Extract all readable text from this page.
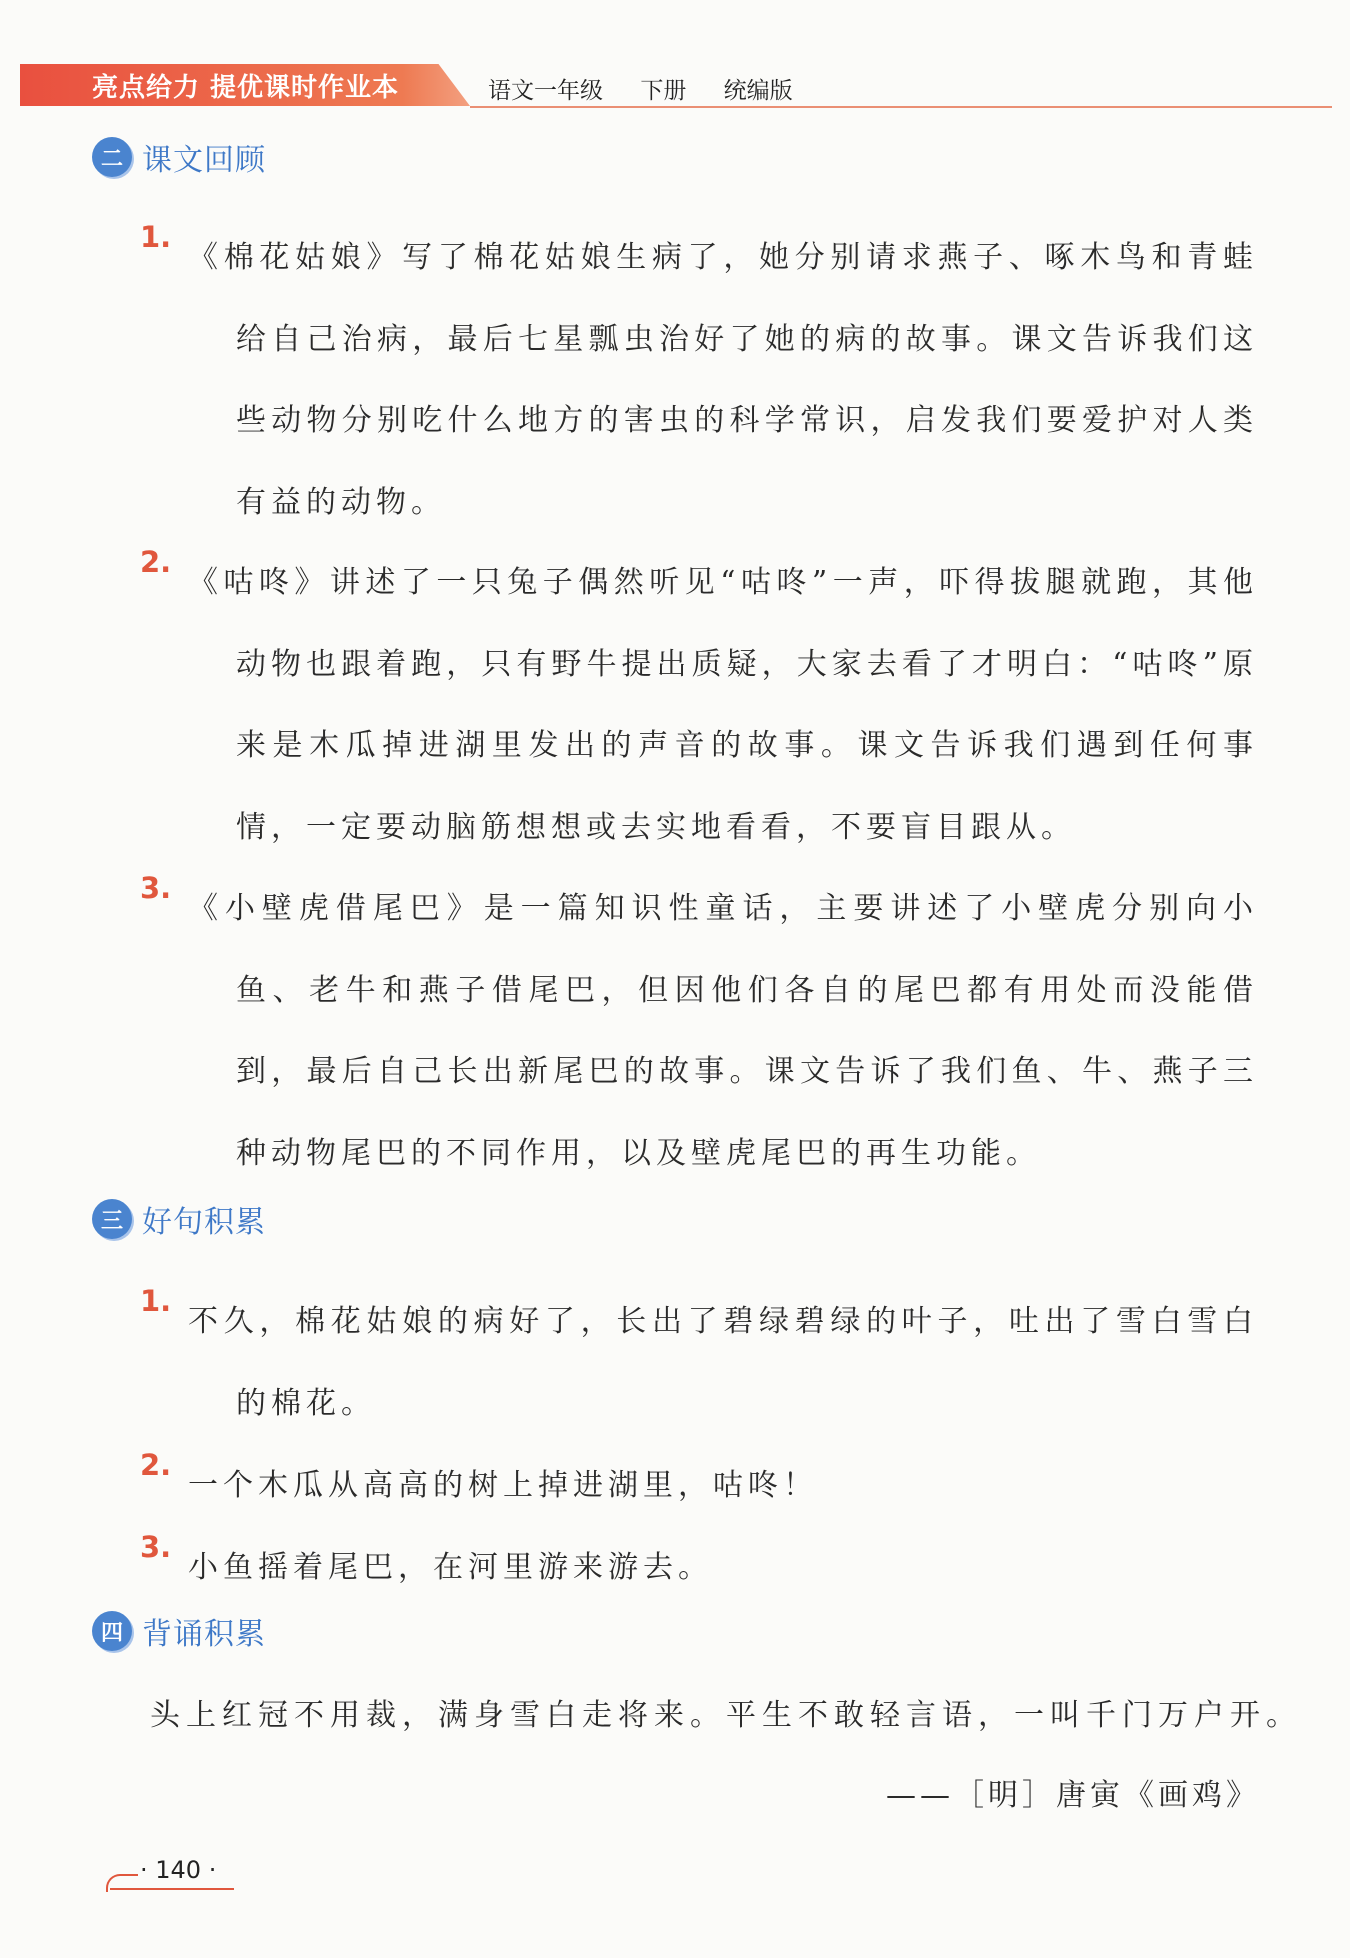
亮点给力 提优课时作业本	语文一年级 下册 统编版
二 课文回顾
1.
《棉花姑娘》写了棉花姑娘生病了，她分别请求燕子、啄木鸟和青蛙给自己治病，最后七星瓢虫治好了她的病的故事。课文告诉我们这些动物分别吃什么地方的害虫的科学常识，启发我们要爱护对人类有益的动物。
2.
《咕咚》讲述了一只兔子偶然听见“咕咚”一声，吓得拔腿就跑，其他动物也跟着跑，只有野牛提出质疑，大家去看了才明白：“咕咚”原来是木瓜掉进湖里发出的声音的故事。课文告诉我们遇到任何事情，一定要动脑筋想想或去实地看看，不要盲目跟从。
3.
《小壁虎借尾巴》是一篇知识性童话，主要讲述了小壁虎分别向小鱼、老牛和燕子借尾巴，但因他们各自的尾巴都有用处而没能借到，最后自己长出新尾巴的故事。课文告诉了我们鱼、牛、燕子三种动物尾巴的不同作用，以及壁虎尾巴的再生功能。
三 好句积累
1.
不久，棉花姑娘的病好了，长出了碧绿碧绿的叶子，吐出了雪白雪白的棉花。
2.
一个木瓜从高高的树上掉进湖里，咕咚！
3.
小鱼摇着尾巴，在河里游来游去。
四 背诵积累
头上红冠不用裁，满身雪白走将来。平生不敢轻言语，一叫千门万户开。
——［明］唐寅《画鸡》
· 140 ·
